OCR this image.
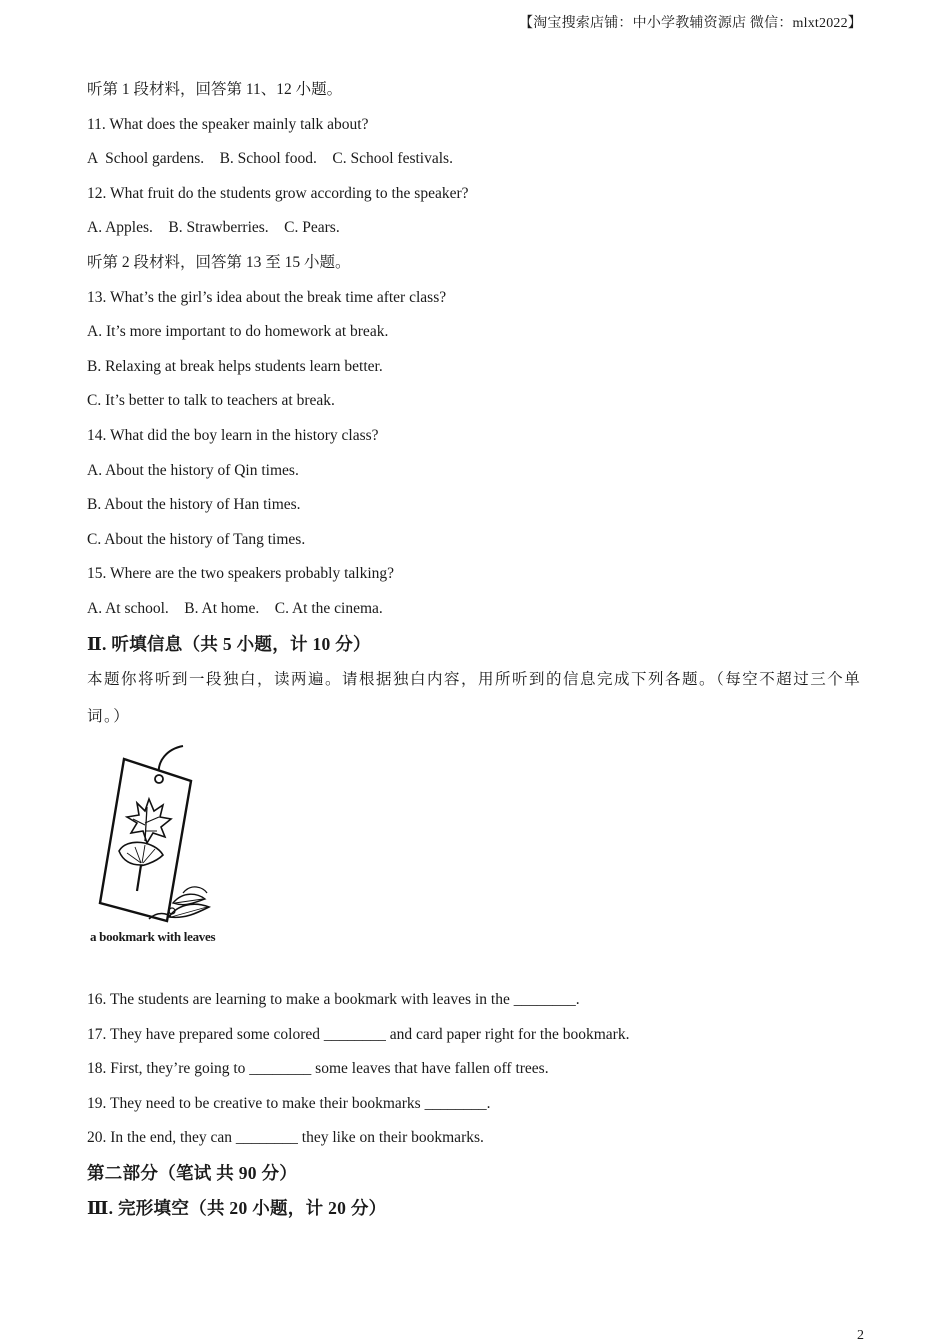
【淘宝搜索店铺：中小学教辅资源店 微信：mlxt2022】
听第 1 段材料，回答第 11、12 小题。
11. What does the speaker mainly talk about?
A  School gardens.    B. School food.    C. School festivals.
12. What fruit do the students grow according to the speaker?
A. Apples.    B. Strawberries.    C. Pears.
听第 2 段材料，回答第 13 至 15 小题。
13. What’s the girl’s idea about the break time after class?
A. It’s more important to do homework at break.
B. Relaxing at break helps students learn better.
C. It’s better to talk to teachers at break.
14. What did the boy learn in the history class?
A. About the history of Qin times.
B. About the history of Han times.
C. About the history of Tang times.
15. Where are the two speakers probably talking?
A. At school.    B. At home.    C. At the cinema.
Ⅱ. 听填信息（共 5 小题，计 10 分）
本题你将听到一段独白，读两遍。请根据独白内容，用所听到的信息完成下列各题。（每空不超过三个单词。）
a bookmark with leaves
16. The students are learning to make a bookmark with leaves in the ________.
17. They have prepared some colored ________ and card paper right for the bookmark.
18. First, they’re going to ________ some leaves that have fallen off trees.
19. They need to be creative to make their bookmarks ________.
20. In the end, they can ________ they like on their bookmarks.
第二部分（笔试 共 90 分）
Ⅲ. 完形填空（共 20 小题，计 20 分）
2
